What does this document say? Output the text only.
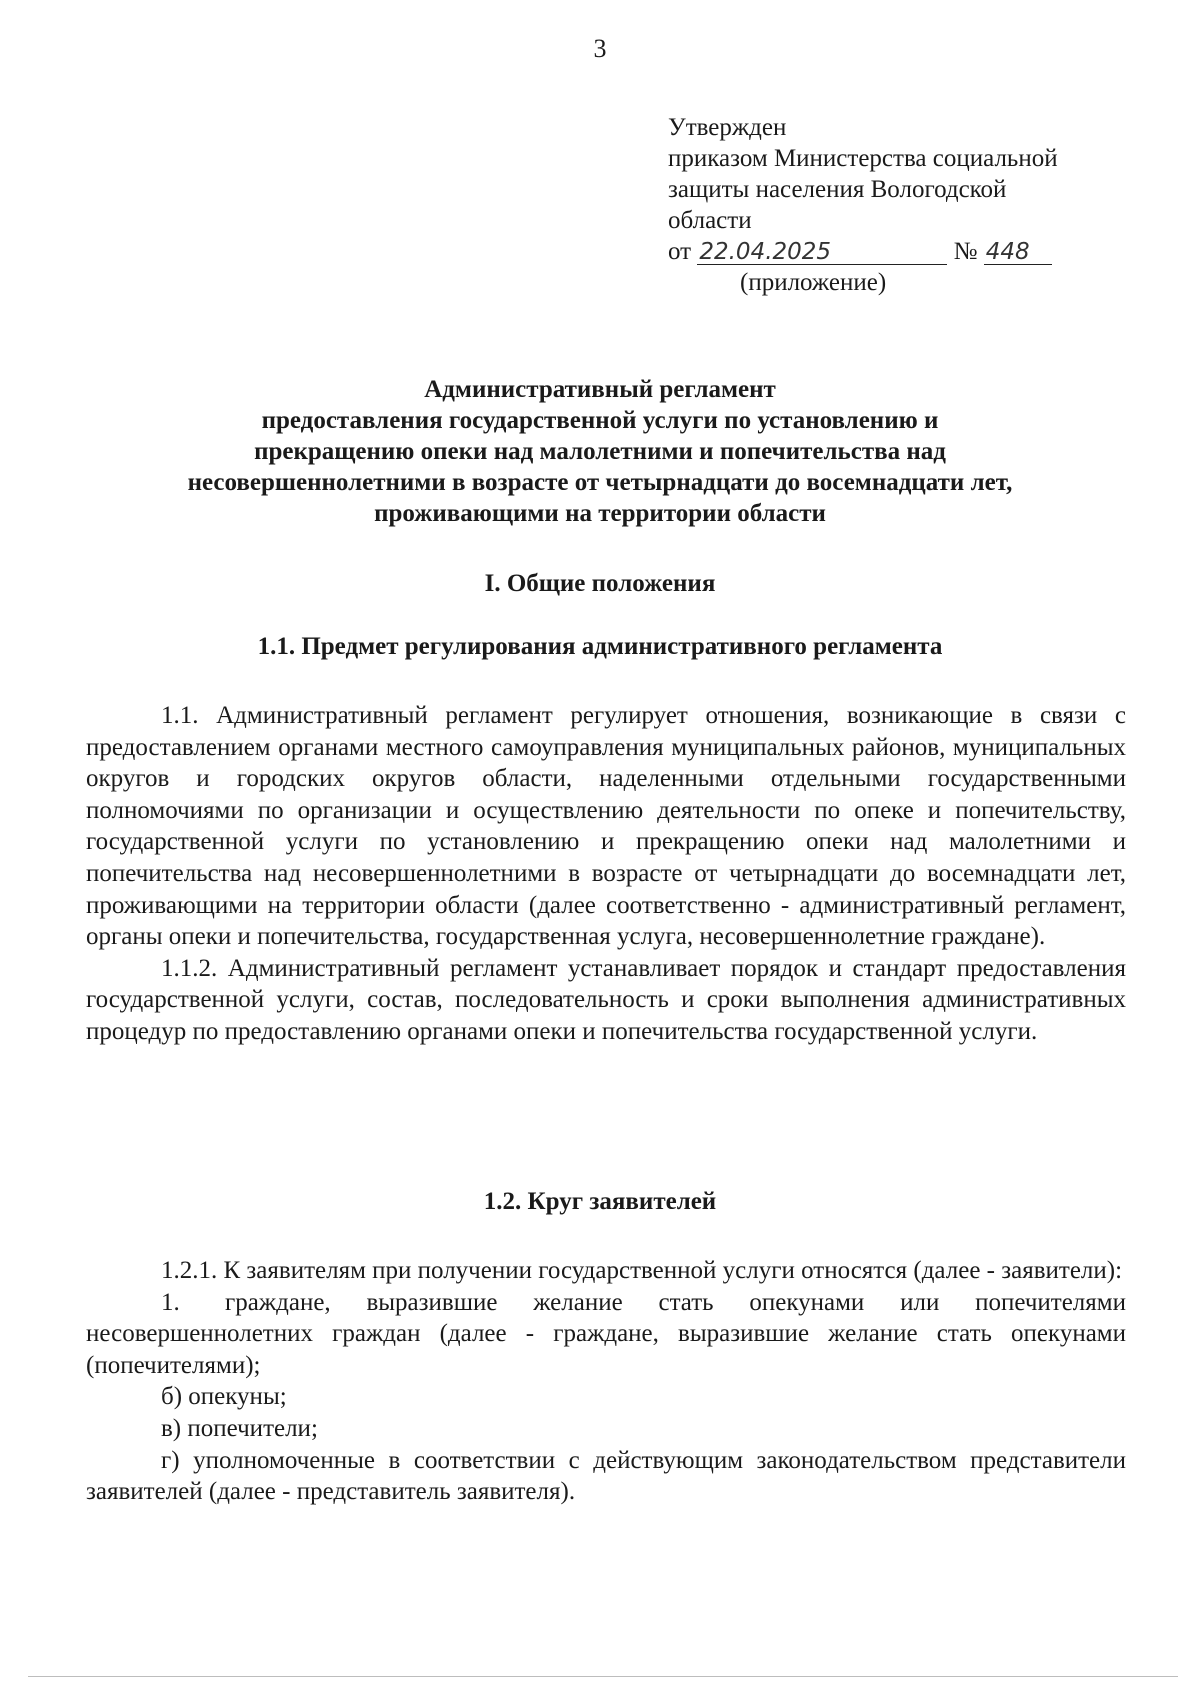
3
Утвержден
приказом Министерства социальной
защиты населения Вологодской
области
от 22.04.2025	№ 448
(приложение)
Административный регламент
предоставления государственной услуги по установлению и
прекращению опеки над малолетними и попечительства над
несовершеннолетними в возрасте от четырнадцати до восемнадцати лет,
проживающими на территории области
I. Общие положения
1.1. Предмет регулирования административного регламента

1.1. Административный регламент регулирует отношения, возникающие в связи с предоставлением органами местного самоуправления муниципальных районов, муниципальных округов и городских округов области, наделенными отдельными государственными полномочиями по организации и осуществлению деятельности по опеке и попечительству, государственной услуги по установлению и прекращению опеки над малолетними и попечительства над несовершеннолетними в возрасте от четырнадцати до восемнадцати лет, проживающими на территории области (далее соответственно - административный регламент, органы опеки и попечительства, государственная услуга, несовершеннолетние граждане).

1.1.2. Административный регламент устанавливает порядок и стандарт предоставления государственной услуги, состав, последовательность и сроки выполнения административных процедур по предоставлению органами опеки и попечительства государственной услуги.

1.2. Круг заявителей

1.2.1. К заявителям при получении государственной услуги относятся (далее - заявители):

1. граждане, выразившие желание стать опекунами или попечителями несовершеннолетних граждан (далее - граждане, выразившие желание стать опекунами (попечителями);

б) опекуны;

в) попечители;

г) уполномоченные в соответствии с действующим законодательством представители заявителей (далее - представитель заявителя).
